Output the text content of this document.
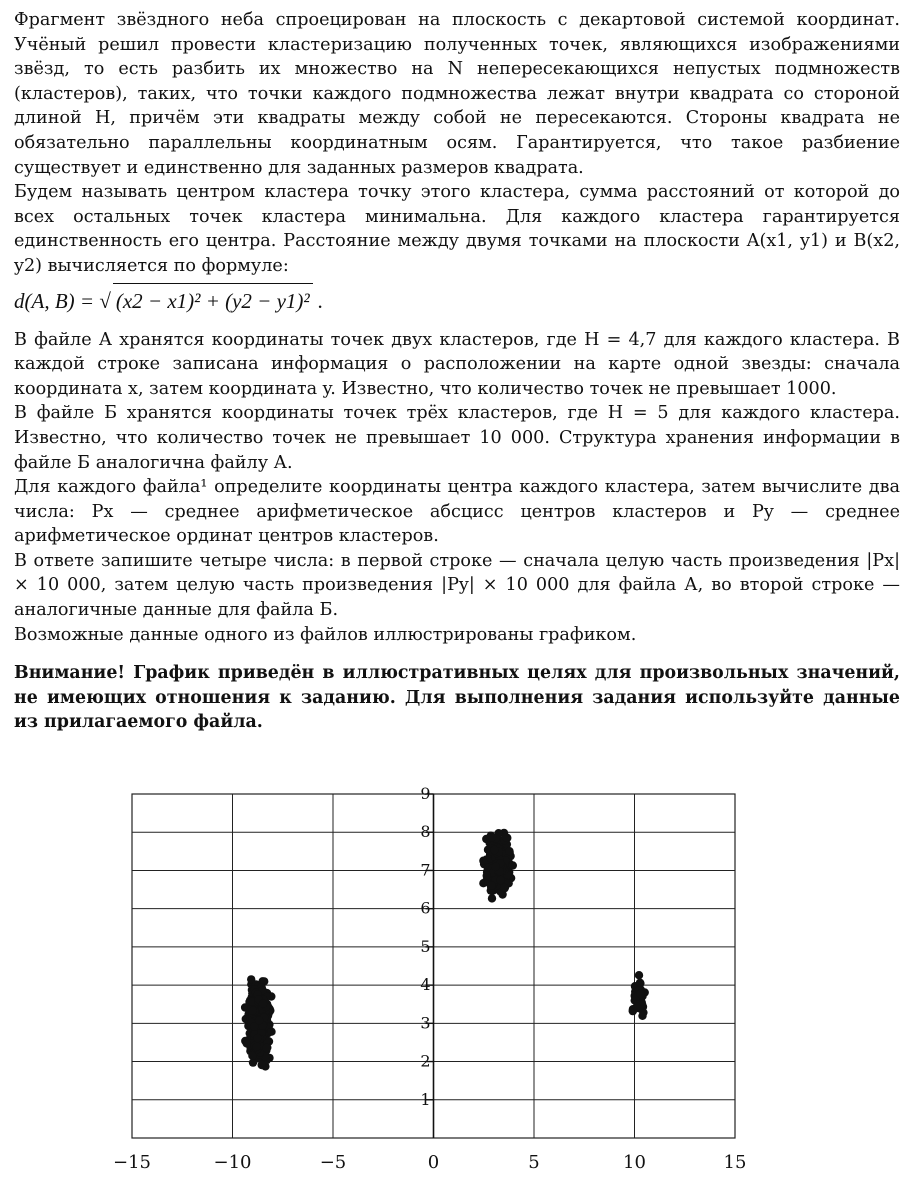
Фрагмент звёздного неба спроецирован на плоскость с декартовой системой координат. Учёный решил провести кластеризацию полученных точек, являющихся изображениями звёзд, то есть разбить их множество на N непересекающихся непустых подмножеств (кластеров), таких, что точки каждого подмножества лежат внутри квадрата со стороной длиной H, причём эти квадраты между собой не пересекаются. Стороны квадрата не обязательно параллельны координатным осям. Гарантируется, что такое разбиение существует и единственно для заданных размеров квадрата.

Будем называть центром кластера точку этого кластера, сумма расстояний от которой до всех остальных точек кластера минимальна. Для каждого кластера гарантируется единственность его центра. Расстояние между двумя точками на плоскости A(x1, y1) и B(x2, y2) вычисляется по формуле:

d(A, B) = √ (x2 − x1)² + (y2 − y1)² .

В файле А хранятся координаты точек двух кластеров, где H = 4,7 для каждого кластера. В каждой строке записана информация о расположении на карте одной звезды: сначала координата x, затем координата y. Известно, что количество точек не превышает 1000.

В файле Б хранятся координаты точек трёх кластеров, где H = 5 для каждого кластера. Известно, что количество точек не превышает 10 000. Структура хранения информации в файле Б аналогична файлу А.

Для каждого файла¹ определите координаты центра каждого кластера, затем вычислите два числа: Px — среднее арифметическое абсцисс центров кластеров и Py — среднее арифметическое ординат центров кластеров.

В ответе запишите четыре числа: в первой строке — сначала целую часть произведения |Px| × 10 000, затем целую часть произведения |Py| × 10 000 для файла А, во второй строке — аналогичные данные для файла Б.

Возможные данные одного из файлов иллюстрированы графиком.

Внимание! График приведён в иллюстративных целях для произвольных значений, не имеющих отношения к заданию. Для выполнения задания используйте данные из прилагаемого файла.

−15	−10	−5	0	5	10	15
1
2
3
4
5
6
7
8
9
